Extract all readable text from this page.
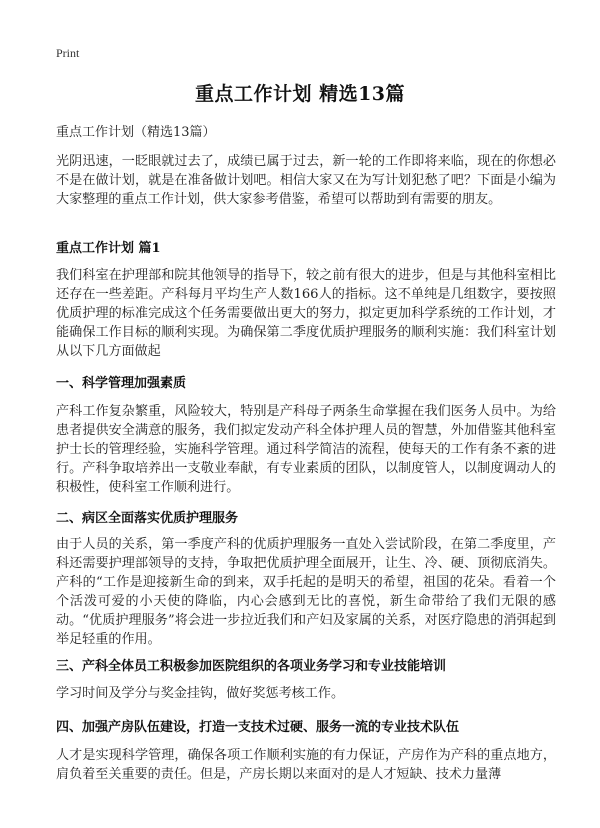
Print
重点工作计划 精选13篇
重点工作计划（精选13篇）

光阴迅速，一眨眼就过去了，成绩已属于过去，新一轮的工作即将来临，现在的你想必不是在做计划，就是在准备做计划吧。相信大家又在为写计划犯愁了吧？下面是小编为大家整理的重点工作计划，供大家参考借鉴，希望可以帮助到有需要的朋友。

重点工作计划 篇1

我们科室在护理部和院其他领导的指导下，较之前有很大的进步，但是与其他科室相比还存在一些差距。产科每月平均生产人数166人的指标。这不单纯是几组数字，要按照优质护理的标准完成这个任务需要做出更大的努力，拟定更加科学系统的工作计划，才能确保工作目标的顺利实现。为确保第二季度优质护理服务的顺利实施：我们科室计划从以下几方面做起

一、科学管理加强素质

产科工作复杂繁重，风险较大，特别是产科母子两条生命掌握在我们医务人员中。为给患者提供安全满意的服务，我们拟定发动产科全体护理人员的智慧，外加借鉴其他科室护士长的管理经验，实施科学管理。通过科学简洁的流程，使每天的工作有条不紊的进行。产科争取培养出一支敬业奉献，有专业素质的团队，以制度管人，以制度调动人的积极性，使科室工作顺利进行。

二、病区全面落实优质护理服务

由于人员的关系，第一季度产科的优质护理服务一直处入尝试阶段，在第二季度里，产科还需要护理部领导的支持，争取把优质护理全面展开，让生、冷、硬、顶彻底消失。产科的“工作是迎接新生命的到来，双手托起的是明天的希望，祖国的花朵。看着一个个活泼可爱的小天使的降临，内心会感到无比的喜悦，新生命带给了我们无限的感动。“优质护理服务”将会进一步拉近我们和产妇及家属的关系，对医疗隐患的消弭起到举足轻重的作用。

三、产科全体员工积极参加医院组织的各项业务学习和专业技能培训

学习时间及学分与奖金挂钩，做好奖惩考核工作。

四、加强产房队伍建设，打造一支技术过硬、服务一流的专业技术队伍

人才是实现科学管理，确保各项工作顺利实施的有力保证，产房作为产科的重点地方，肩负着至关重要的责任。但是，产房长期以来面对的是人才短缺、技术力量薄
